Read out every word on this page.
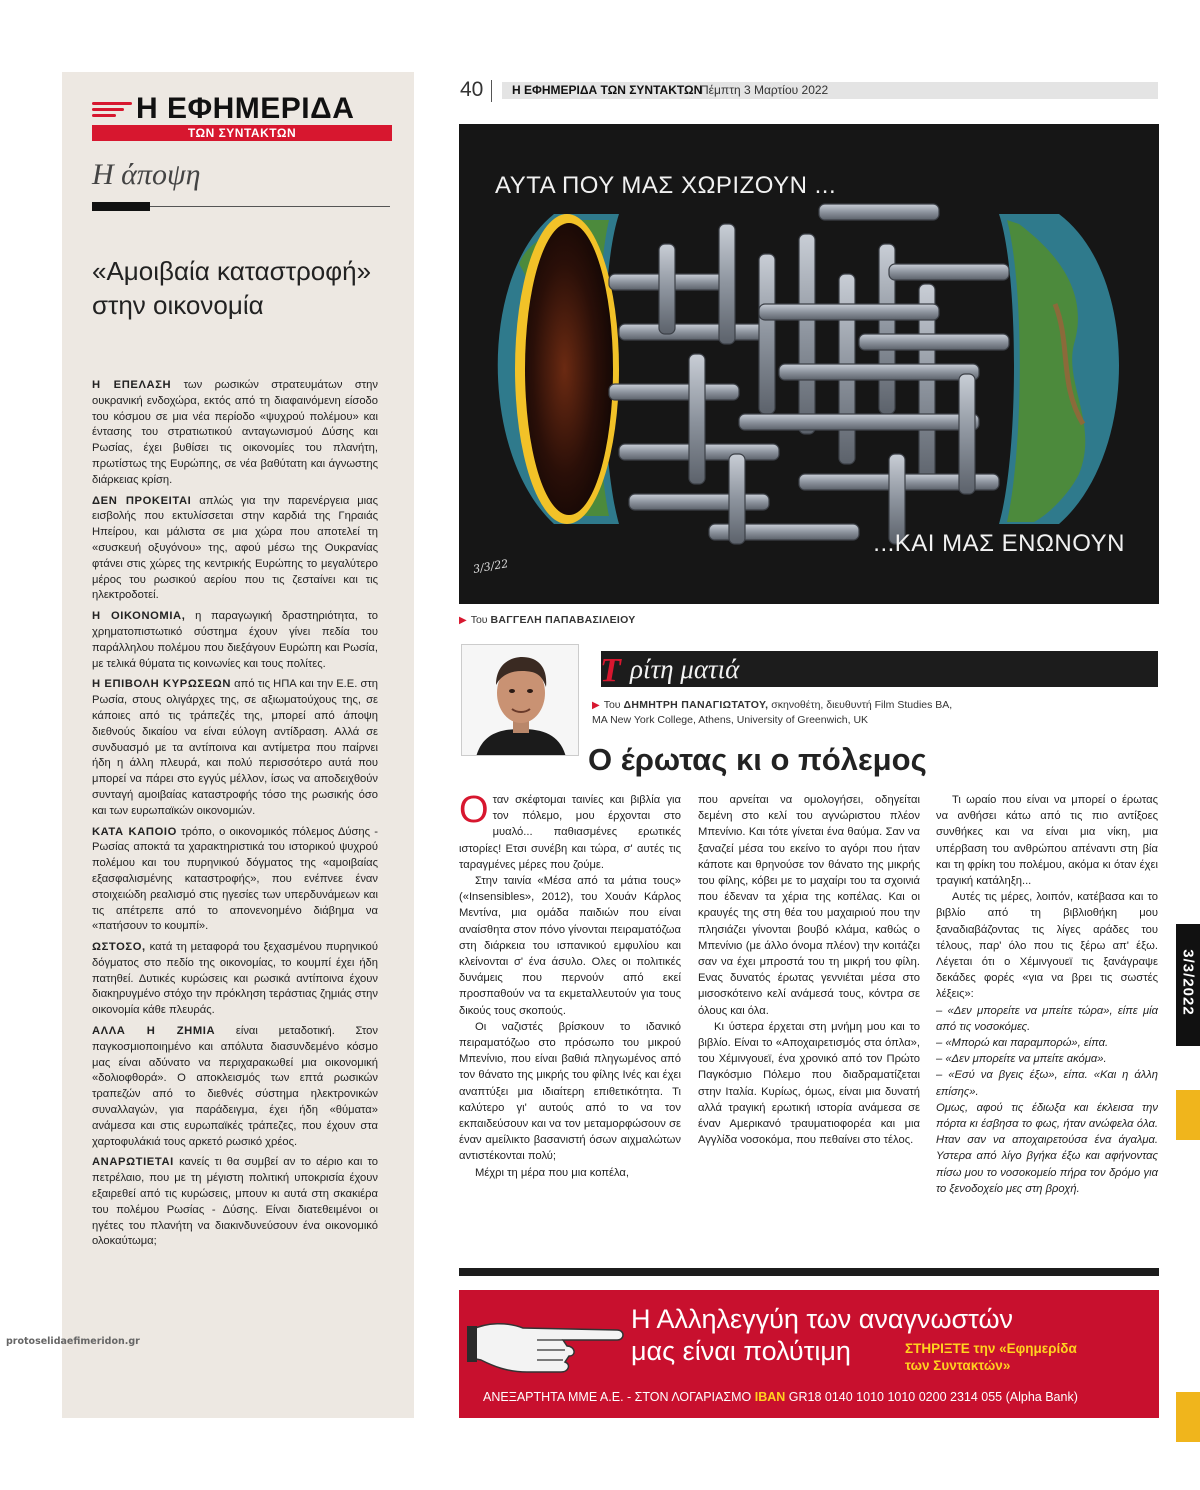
Η ΕΦΗΜΕΡΙΔΑ
ΤΩΝ ΣΥΝΤΑΚΤΩΝ
Η άποψη
«Αμοιβαία καταστροφή» στην οικονομία

Η ΕΠΕΛΑΣΗ των ρωσικών στρατευμάτων στην ουκρανική ενδοχώρα, εκτός από τη διαφαινόμενη είσοδο του κόσμου σε μια νέα περίοδο «ψυχρού πολέμου» και έντασης του στρατιωτικού ανταγωνισμού Δύσης και Ρωσίας, έχει βυθίσει τις οικονομίες του πλανήτη, πρωτίστως της Ευρώπης, σε νέα βαθύτατη και άγνωστης διάρκειας κρίση.

ΔΕΝ ΠΡΟΚΕΙΤΑΙ απλώς για την παρενέργεια μιας εισβολής που εκτυλίσσεται στην καρδιά της Γηραιάς Ηπείρου, και μάλιστα σε μια χώρα που αποτελεί τη «συσκευή οξυγόνου» της, αφού μέσω της Ουκρανίας φτάνει στις χώρες της κεντρικής Ευρώπης το μεγαλύτερο μέρος του ρωσικού αερίου που τις ζεσταίνει και τις ηλεκτροδοτεί.

Η ΟΙΚΟΝΟΜΙΑ, η παραγωγική δραστηριότητα, το χρηματοπιστωτικό σύστημα έχουν γίνει πεδία του παράλληλου πολέμου που διεξάγουν Ευρώπη και Ρωσία, με τελικά θύματα τις κοινωνίες και τους πολίτες.

Η ΕΠΙΒΟΛΗ ΚΥΡΩΣΕΩΝ από τις ΗΠΑ και την Ε.Ε. στη Ρωσία, στους ολιγάρχες της, σε αξιωματούχους της, σε κάποιες από τις τράπεζές της, μπορεί από άποψη διεθνούς δικαίου να είναι εύλογη αντίδραση. Αλλά σε συνδυασμό με τα αντίποινα και αντίμετρα που παίρνει ήδη η άλλη πλευρά, και πολύ περισσότερο αυτά που μπορεί να πάρει στο εγγύς μέλλον, ίσως να αποδειχθούν συνταγή αμοιβαίας καταστροφής τόσο της ρωσικής όσο και των ευρωπαϊκών οικονομιών.

ΚΑΤΑ ΚΑΠΟΙΟ τρόπο, ο οικονομικός πόλεμος Δύσης - Ρωσίας αποκτά τα χαρακτηριστικά του ιστορικού ψυχρού πολέμου και του πυρηνικού δόγματος της «αμοιβαίας εξασφαλισμένης καταστροφής», που ενέπνεε έναν στοιχειώδη ρεαλισμό στις ηγεσίες των υπερδυνάμεων και τις απέτρεπε από το απονενοημένο διάβημα να «πατήσουν το κουμπί».

ΩΣΤΟΣΟ, κατά τη μεταφορά του ξεχασμένου πυρηνικού δόγματος στο πεδίο της οικονομίας, το κουμπί έχει ήδη πατηθεί. Δυτικές κυρώσεις και ρωσικά αντίποινα έχουν διακηρυγμένο στόχο την πρόκληση τεράστιας ζημιάς στην οικονομία κάθε πλευράς.

ΑΛΛΑ Η ΖΗΜΙΑ είναι μεταδοτική. Στον παγκοσμιοποιημένο και απόλυτα διασυνδεμένο κόσμο μας είναι αδύνατο να περιχαρακωθεί μια οικονομική «δολιοφθορά». Ο αποκλεισμός των επτά ρωσικών τραπεζών από το διεθνές σύστημα ηλεκτρονικών συναλλαγών, για παράδειγμα, έχει ήδη «θύματα» ανάμεσα και στις ευρωπαϊκές τράπεζες, που έχουν στα χαρτοφυλάκιά τους αρκετό ρωσικό χρέος.

ΑΝΑΡΩΤΙΕΤΑΙ κανείς τι θα συμβεί αν το αέριο και το πετρέλαιο, που με τη μέγιστη πολιτική υποκρισία έχουν εξαιρεθεί από τις κυρώσεις, μπουν κι αυτά στη σκακιέρα του πολέμου Ρωσίας - Δύσης. Είναι διατεθειμένοι οι ηγέτες του πλανήτη να διακινδυνεύσουν ένα οικονομικό ολοκαύτωμα;

40 Η ΕΦΗΜΕΡΙΔΑ ΤΩΝ ΣΥΝΤΑΚΤΩΝ
Πέμπτη 3 Μαρτίου 2022
ΑΥΤΑ ΠΟΥ ΜΑΣ ΧΩΡΙΖΟΥΝ ...
...ΚΑΙ ΜΑΣ ΕΝΩΝΟΥΝ
3/3/22
▶ Του ΒΑΓΓΕΛΗ ΠΑΠΑΒΑΣΙΛΕΙΟΥ
Τ ρίτη ματιά
▶ Του ΔΗΜΗΤΡΗ ΠΑΝΑΓΙΩΤΑΤΟΥ, σκηνοθέτη, διευθυντή Film Studies BA,
MA New York College, Athens, University of Greenwich, UK
Ο έρωτας κι ο πόλεμος

Οταν σκέφτομαι ταινίες και βιβλία για τον πόλεμο, μου έρχονται στο μυαλό... παθιασμένες ερωτικές ιστορίες! Ετσι συνέβη και τώρα, σ' αυτές τις ταραγμένες μέρες που ζούμε.

Στην ταινία «Μέσα από τα μάτια τους» («Insensibles», 2012), του Χουάν Κάρλος Μεντίνα, μια ομάδα παιδιών που είναι αναίσθητα στον πόνο γίνονται πειραματόζωα στη διάρκεια του ισπανικού εμφυλίου και κλείνονται σ' ένα άσυλο. Ολες οι πολιτικές δυνάμεις που περνούν από εκεί προσπαθούν να τα εκμεταλλευτούν για τους δικούς τους σκοπούς.

Οι ναζιστές βρίσκουν το ιδανικό πειραματόζωο στο πρόσωπο του μικρού Μπενίνιο, που είναι βαθιά πληγωμένος από τον θάνατο της μικρής του φίλης Ινές και έχει αναπτύξει μια ιδιαίτερη επιθετικότητα. Τι καλύτερο γι' αυτούς από το να τον εκπαιδεύσουν και να τον μεταμορφώσουν σε έναν αμείλικτο βασανιστή όσων αιχμαλώτων αντιστέκονται πολύ;

Μέχρι τη μέρα που μια κοπέλα,

που αρνείται να ομολογήσει, οδηγείται δεμένη στο κελί του αγνώριστου πλέον Μπενίνιο. Και τότε γίνεται ένα θαύμα. Σαν να ξαναζεί μέσα του εκείνο το αγόρι που ήταν κάποτε και θρηνούσε τον θάνατο της μικρής του φίλης, κόβει με το μαχαίρι του τα σχοινιά που έδεναν τα χέρια της κοπέλας. Και οι κραυγές της στη θέα του μαχαιριού που την πλησιάζει γίνονται βουβό κλάμα, καθώς ο Μπενίνιο (με άλλο όνομα πλέον) την κοιτάζει σαν να έχει μπροστά του τη μικρή του φίλη. Ενας δυνατός έρωτας γεννιέται μέσα στο μισοσκότεινο κελί ανάμεσά τους, κόντρα σε όλους και όλα.

Κι ύστερα έρχεται στη μνήμη μου και το βιβλίο. Είναι το «Αποχαιρετισμός στα όπλα», του Χέμινγουεϊ, ένα χρονικό από τον Πρώτο Παγκόσμιο Πόλεμο που διαδραματίζεται στην Ιταλία. Κυρίως, όμως, είναι μια δυνατή αλλά τραγική ερωτική ιστορία ανάμεσα σε έναν Αμερικανό τραυματιοφορέα και μια Αγγλίδα νοσοκόμα, που πεθαίνει στο τέλος.

Τι ωραίο που είναι να μπορεί ο έρωτας να ανθήσει κάτω από τις πιο αντίξοες συνθήκες και να είναι μια νίκη, μια υπέρβαση του ανθρώπου απέναντι στη βία και τη φρίκη του πολέμου, ακόμα κι όταν έχει τραγική κατάληξη...

Αυτές τις μέρες, λοιπόν, κατέβασα και το βιβλίο από τη βιβλιοθήκη μου ξαναδιαβάζοντας τις λίγες αράδες του τέλους, παρ' όλο που τις ξέρω απ' έξω. Λέγεται ότι ο Χέμινγουεϊ τις ξανάγραψε δεκάδες φορές «για να βρει τις σωστές λέξεις»:

– «Δεν μπορείτε να μπείτε τώρα», είπε μία από τις νοσοκόμες.

– «Μπορώ και παραμπορώ», είπα.

– «Δεν μπορείτε να μπείτε ακόμα».

– «Εσύ να βγεις έξω», είπα. «Και η άλλη επίσης».

Ομως, αφού τις έδιωξα και έκλεισα την πόρτα κι έσβησα το φως, ήταν ανώφελα όλα. Ηταν σαν να αποχαιρετούσα ένα άγαλμα. Υστερα από λίγο βγήκα έξω και αφήνοντας πίσω μου το νοσοκομείο πήρα τον δρόμο για το ξενοδοχείο μες στη βροχή.

Η Αλληλεγγύη των αναγνωστών
μας είναι πολύτιμη	ΣΤΗΡΙΞΤΕ την «Εφημερίδα
των Συντακτών»
ΑΝΕΞΑΡΤΗΤΑ ΜΜΕ Α.Ε. - ΣΤΟΝ ΛΟΓΑΡΙΑΣΜΟ IBAN GR18 0140 1010 1010 0200 2314 055 (Alpha Bank)
3/3/2022
protoselidaefimeridon.gr
